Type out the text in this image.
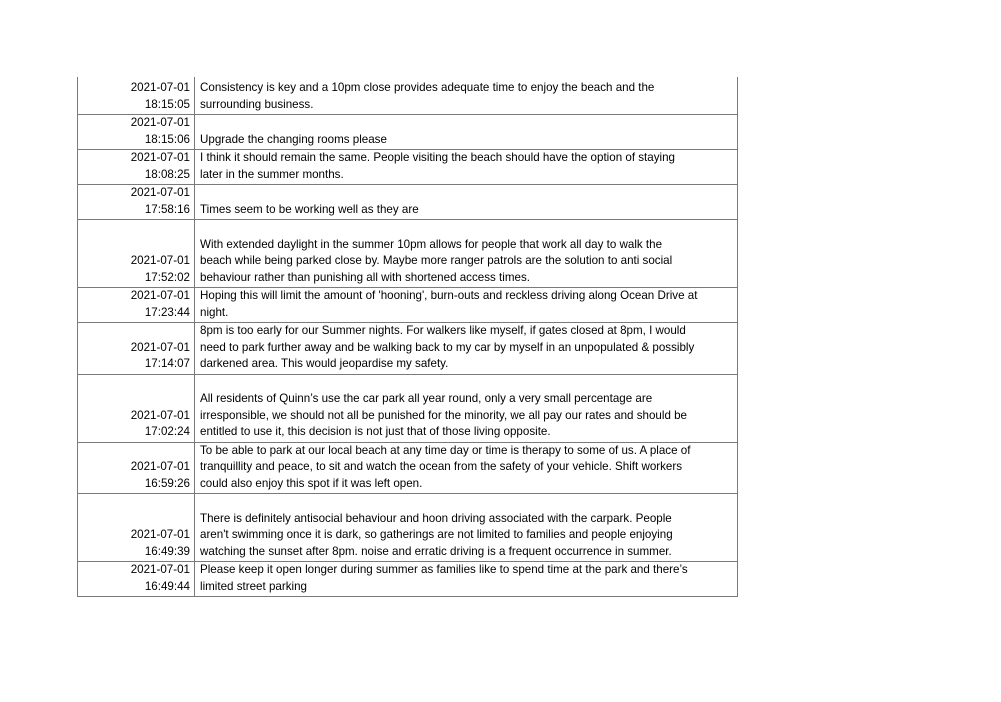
2021-07-01
18:15:05	Consistency is key and a 10pm close provides adequate time to enjoy the beach and the
surrounding business.

2021-07-01
18:15:06	Upgrade the changing rooms please

2021-07-01
18:08:25	I think it should remain the same. People visiting the beach should have the option of staying
later in the summer months.

2021-07-01
17:58:16	Times seem to be working well as they are

2021-07-01
17:52:02	With extended daylight in the summer 10pm allows for people that work all day to walk the
beach while being parked close by. Maybe more ranger patrols are the solution to anti social
behaviour rather than punishing all with shortened access times.

2021-07-01
17:23:44	Hoping this will limit the amount of 'hooning', burn-outs and reckless driving along Ocean Drive at
night.

2021-07-01
17:14:07	8pm is too early for our Summer nights. For walkers like myself, if gates closed at 8pm, I would
need to park further away and be walking back to my car by myself in an unpopulated & possibly
darkened area. This would jeopardise my safety.

2021-07-01
17:02:24	All residents of Quinn’s use the car park all year round, only a very small percentage are
irresponsible, we should not all be punished for the minority, we all pay our rates and should be
entitled to use it, this decision is not just that of those living opposite.

2021-07-01
16:59:26	To be able to park at our local beach at any time day or time is therapy to some of us. A place of
tranquillity and peace, to sit and watch the ocean from the safety of your vehicle. Shift workers
could also enjoy this spot if it was left open.

2021-07-01
16:49:39	There is definitely antisocial behaviour and hoon driving associated with the carpark. People
aren't swimming once it is dark, so gatherings are not limited to families and people enjoying
watching the sunset after 8pm. noise and erratic driving is a frequent occurrence in summer.

2021-07-01
16:49:44	Please keep it open longer during summer as families like to spend time at the park and there’s
limited street parking
